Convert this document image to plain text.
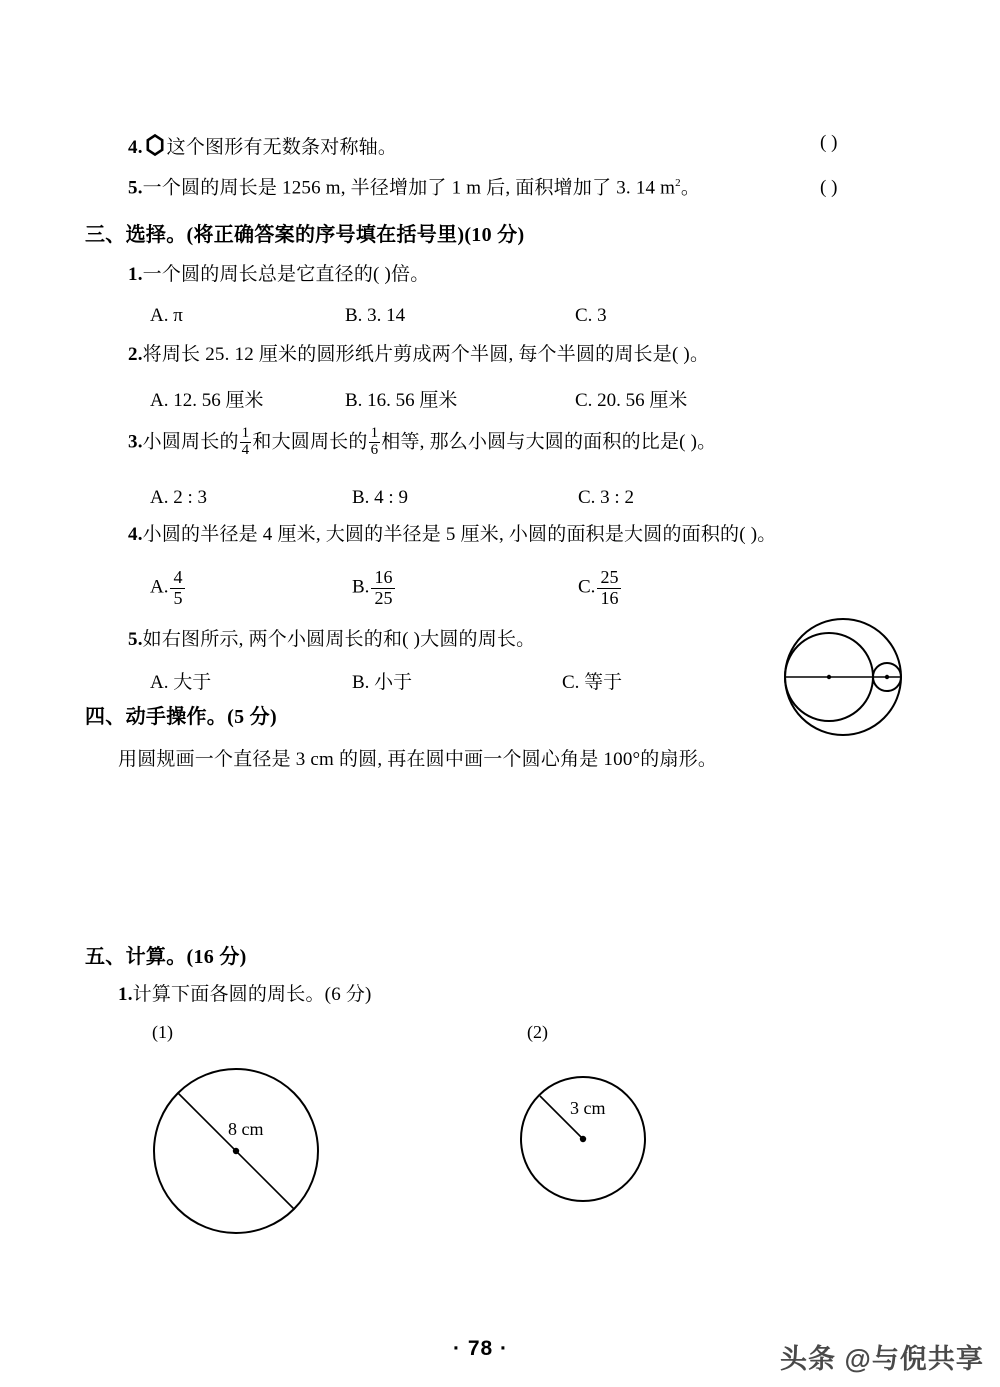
4. 这个图形有无数条对称轴。	( )
5.一个圆的周长是 1256 m, 半径增加了 1 m 后, 面积增加了 3. 14 $m^2$。	( )
三、选择。(将正确答案的序号填在括号里)(10 分)
1.一个圆的周长总是它直径的( )倍。
A. π	B. 3. 14	C. 3
2.将周长 25. 12 厘米的圆形纸片剪成两个半圆, 每个半圆的周长是( )。
A. 12. 56 厘米	B. 16. 56 厘米	C. 20. 56 厘米
3.小圆周长的 $\frac{1}{4}$ 和大圆周长的 $\frac{1}{6}$ 相等, 那么小圆与大圆的面积的比是( )。
A. 2 : 3	B. 4 : 9	C. 3 : 2
4.小圆的半径是 4 厘米, 大圆的半径是 5 厘米, 小圆的面积是大圆的面积的( )。
A. $\frac{4}{5}$	B. $\frac{16}{25}$	C. $\frac{25}{16}$
5.如右图所示, 两个小圆周长的和( )大圆的周长。
A. 大于	B. 小于	C. 等于
四、动手操作。(5 分)
用圆规画一个直径是 3 cm 的圆, 再在圆中画一个圆心角是 100°的扇形。
五、计算。(16 分)
1.计算下面各圆的周长。(6 分)
(1)	(2)
8 cm
3 cm
· 78 ·	头条 @与倪共享
